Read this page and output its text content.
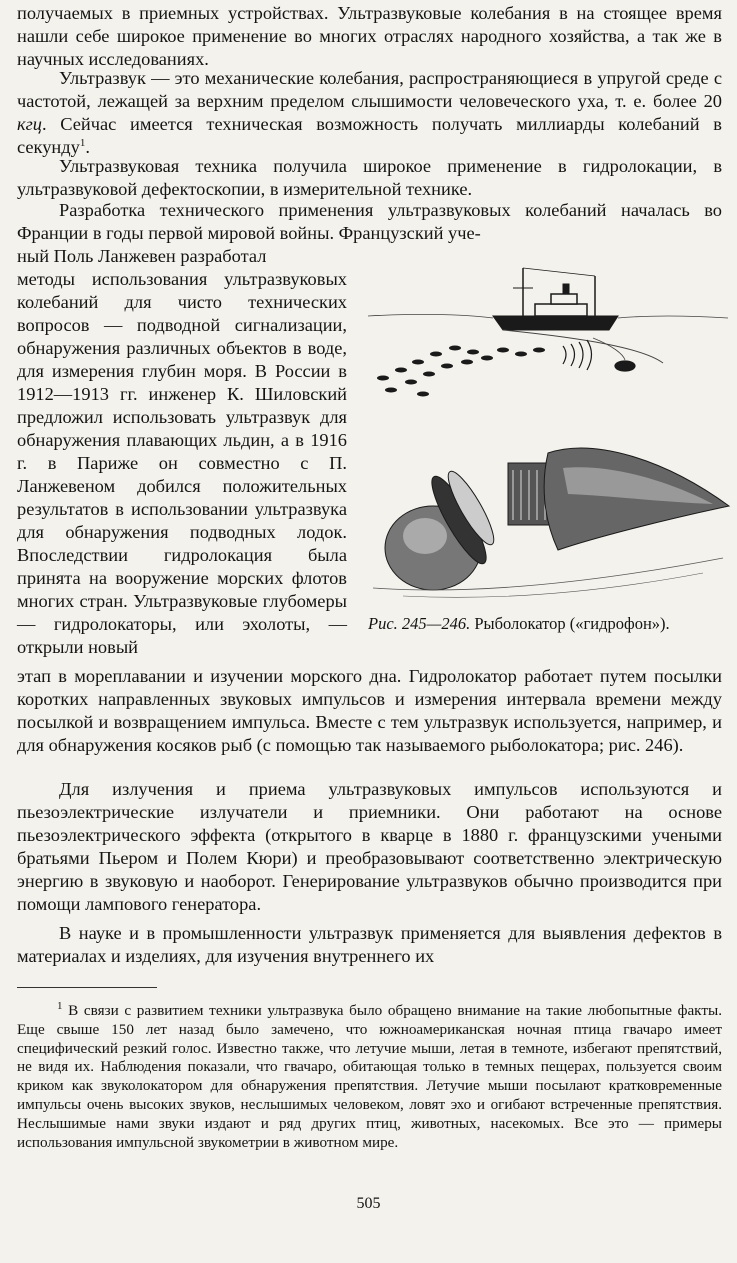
получаемых в приемных устройствах. Ультразвуковые колебания в на стоящее время нашли себе широкое применение во многих отраслях народного хозяйства, а так же в научных исследованиях.

Ультразвук — это механические колебания, распространяющиеся в упругой среде с частотой, лежащей за верхним пределом слышимости человеческого уха, т. е. более 20 кгц. Сейчас имеется техническая возможность получать миллиарды колебаний в секунду$^1$.

Ультразвуковая техника получила широкое применение в гидролокации, в ультразвуковой дефектоскопии, в измерительной технике.

Разработка технического применения ультразвуковых колебаний началась во Франции в годы первой мировой войны. Французский уче-

ный Поль Ланжевен разработал

методы использования ультразвуковых колебаний для чисто технических вопросов — подводной сигнализации, обнаружения различных объектов в воде, для измерения глубин моря. В России в 1912—1913 гг. инженер К. Шиловский предложил использовать ультразвук для обнаружения плавающих льдин, а в 1916 г. в Париже он совместно с П. Ланжевеном добился положительных результатов в использовании ультразвука для обнаружения подводных лодок. Впоследствии гидролокация была принята на вооружение морских флотов многих стран. Ультразвуковые глубомеры — гидролокаторы, или эхолоты, — открыли новый

Рис. 245—246. Рыболокатор («гидрофон»).

этап в мореплавании и изучении морского дна. Гидролокатор работает путем посылки коротких направленных звуковых импульсов и измерения интервала времени между посылкой и возвращением импульса. Вместе с тем ультразвук используется, например, и для обнаружения косяков рыб (с помощью так называемого рыболокатора; рис. 246).

Для излучения и приема ультразвуковых импульсов используются и пьезоэлектрические излучатели и приемники. Они работают на основе пьезоэлектрического эффекта (открытого в кварце в 1880 г. французскими учеными братьями Пьером и Полем Кюри) и преобразовывают соответственно электрическую энергию в звуковую и наоборот. Генерирование ультразвуков обычно производится при помощи лампового генератора.

В науке и в промышленности ультразвук применяется для выявления дефектов в материалах и изделиях, для изучения внутреннего их

$^1$ В связи с развитием техники ультразвука было обращено внимание на такие любопытные факты. Еще свыше 150 лет назад было замечено, что южноамериканская ночная птица гвачаро имеет специфический резкий голос. Известно также, что летучие мыши, летая в темноте, избегают препятствий, не видя их. Наблюдения показали, что гвачаро, обитающая только в темных пещерах, пользуется своим криком как звуколокатором для обнаружения препятствия. Летучие мыши посылают кратковременные импульсы очень высоких звуков, неслышимых человеком, ловят эхо и огибают встреченные препятствия. Неслышимые нами звуки издают и ряд других птиц, животных, насекомых. Все это — примеры использования импульсной звукометрии в животном мире.

505
